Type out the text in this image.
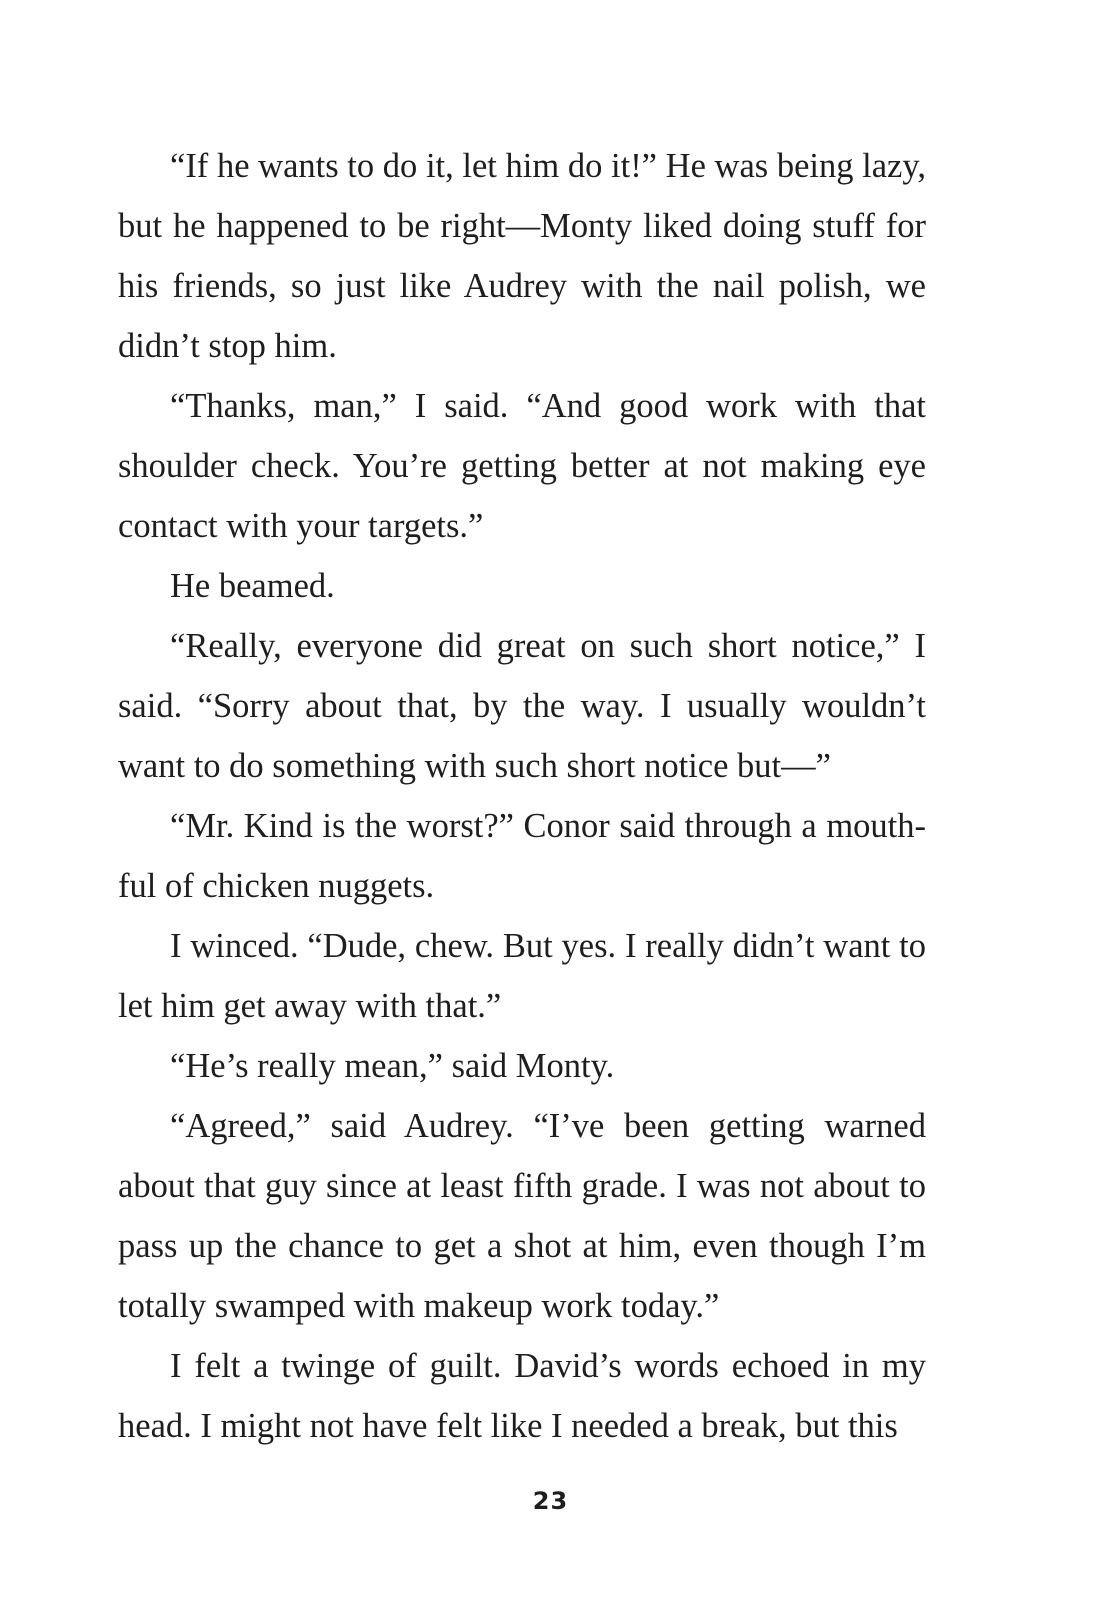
“If he wants to do it, let him do it!” He was being lazy, but he happened to be right—Monty liked doing stuff for his friends, so just like Audrey with the nail polish, we didn’t stop him.

“Thanks, man,” I said. “And good work with that shoulder check. You’re getting better at not making eye contact with your targets.”

He beamed.

“Really, everyone did great on such short notice,” I said. “Sorry about that, by the way. I usually wouldn’t want to do something with such short notice but—”

“Mr. Kind is the worst?” Conor said through a mouthful of chicken nuggets.

I winced. “Dude, chew. But yes. I really didn’t want to let him get away with that.”

“He’s really mean,” said Monty.

“Agreed,” said Audrey. “I’ve been getting warned about that guy since at least fifth grade. I was not about to pass up the chance to get a shot at him, even though I’m totally swamped with makeup work today.”

I felt a twinge of guilt. David’s words echoed in my head. I might not have felt like I needed a break, but this

23
